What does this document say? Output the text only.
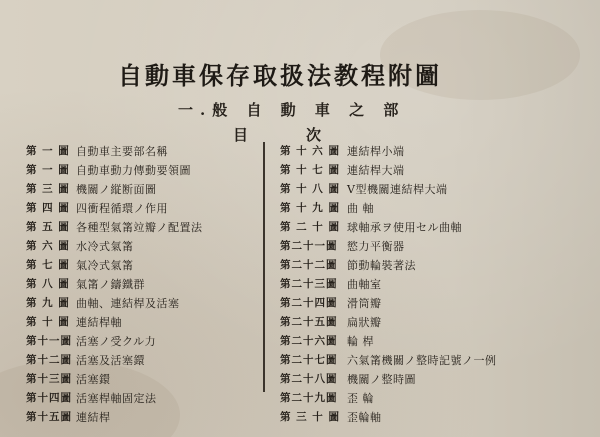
自動車保存取扱法教程附圖
一.般 自 動 車 之 部
目	次
第 一 圖 自動車主要部名稱
第 一 圖 自動車動力傳動要領圖
第 三 圖 機關ノ縦断面圖
第 四 圖 四衝程循環ノ作用
第 五 圖 各種型氣筩竝瓣ノ配置法
第 六 圖 水冷式氣筩
第 七 圖 氣冷式氣筩
第 八 圖 氣筩ノ鑄鐵群
第 九 圖 曲軸、連結桿及活塞
第 十 圖 連結桿軸
第十一圖 活塞ノ受クル力
第十二圖 活塞及活塞鐶
第十三圖 活塞鐶
第十四圖 活塞桿軸固定法
第十五圖 連結桿
第 十 六 圖 連結桿小端
第 十 七 圖 連結桿大端
第 十 八 圖 V型機關連結桿大端
第 十 九 圖 曲 軸
第 二 十 圖 球軸承ヲ使用セル曲軸
第二十一圖 慾力平衡器
第二十二圖 節動輪裝著法
第二十三圖 曲軸室
第二十四圖 滑筒瓣
第二十五圖 扁狀瓣
第二十六圖 輪 桿
第二十七圖 六氣筩機關ノ整時記號ノ一例
第二十八圖 機關ノ整時圖
第二十九圖 歪 輪
第 三 十 圖 歪輪軸
